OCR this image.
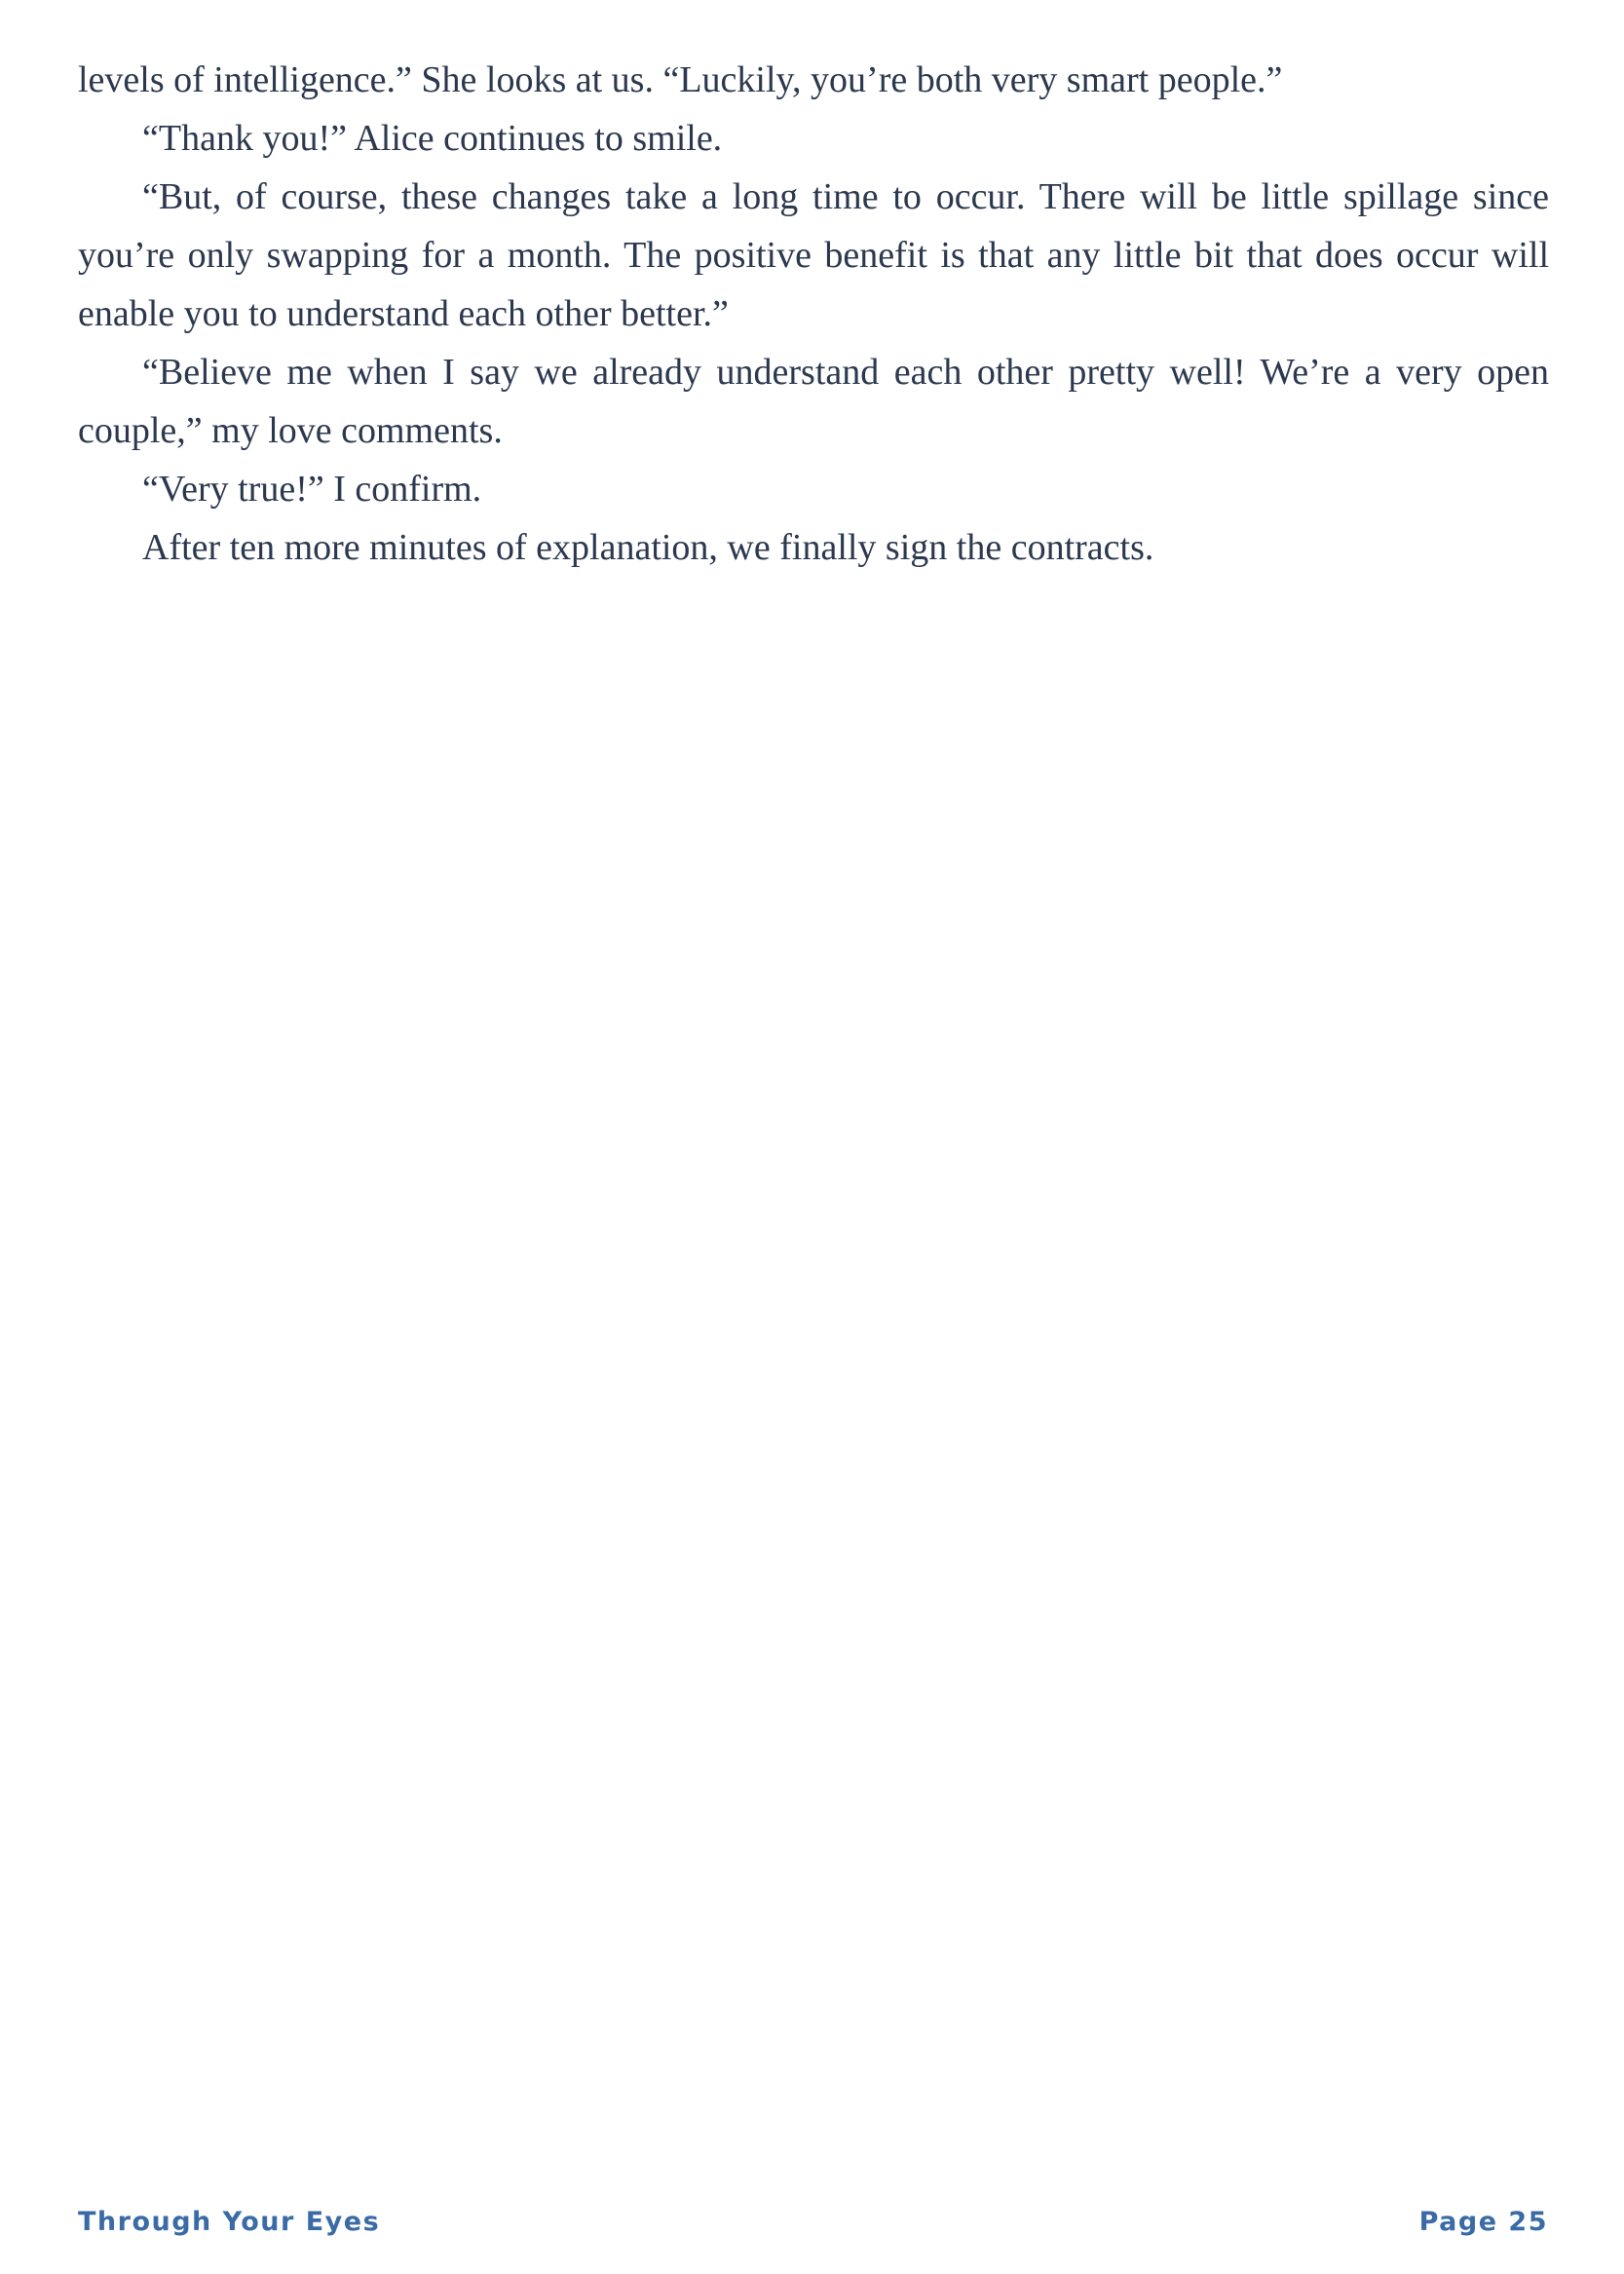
levels of intelligence.” She looks at us. “Luckily, you’re both very smart people.”

“Thank you!” Alice continues to smile.

“But, of course, these changes take a long time to occur. There will be little spillage since you’re only swapping for a month. The positive benefit is that any little bit that does occur will enable you to understand each other better.”

“Believe me when I say we already understand each other pretty well! We’re a very open couple,” my love comments.

“Very true!” I confirm.

After ten more minutes of explanation, we finally sign the contracts.

Through Your Eyes	Page 25
